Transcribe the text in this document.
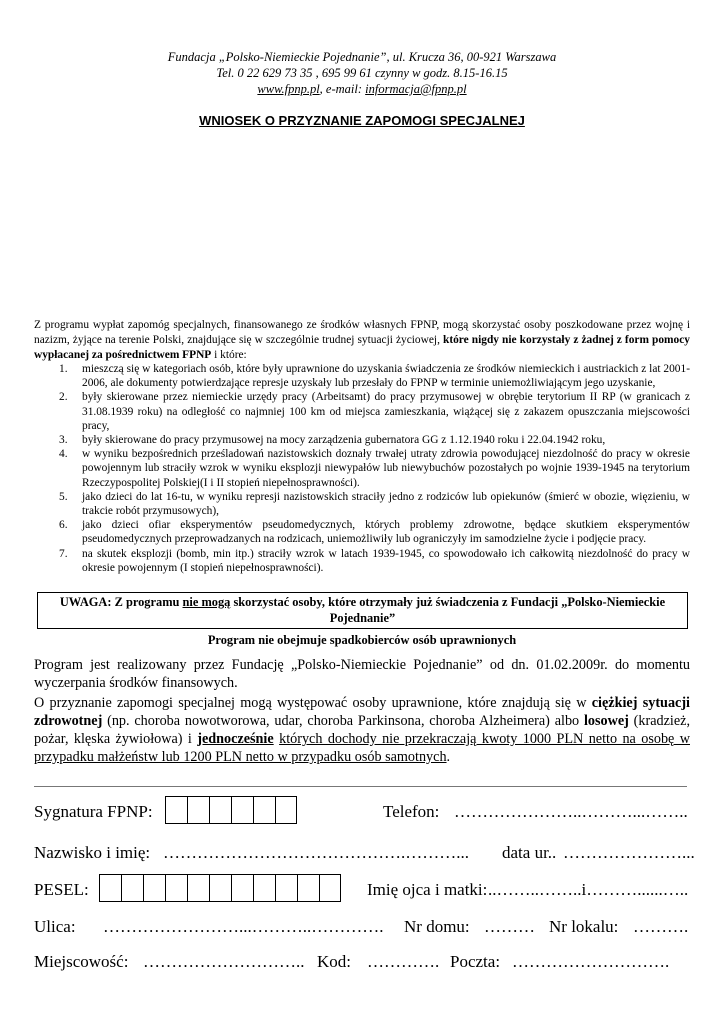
Fundacja „Polsko-Niemieckie Pojednanie”, ul. Krucza 36, 00-921 Warszawa
Tel. 0 22 629 73 35 , 695 99 61 czynny w godz. 8.15-16.15
www.fpnp.pl, e-mail: informacja@fpnp.pl
WNIOSEK O PRZYZNANIE ZAPOMOGI SPECJALNEJ
Z programu wypłat zapomóg specjalnych, finansowanego ze środków własnych FPNP, mogą skorzystać osoby poszkodowane przez wojnę i nazizm, żyjące na terenie Polski, znajdujące się w szczególnie trudnej sytuacji życiowej, które nigdy nie korzystały z żadnej z form pomocy wypłacanej za pośrednictwem FPNP i które:
1. mieszczą się w kategoriach osób, które były uprawnione do uzyskania świadczenia ze środków niemieckich i austriackich z lat 2001-2006, ale dokumenty potwierdzające represje uzyskały lub przesłały do FPNP w terminie uniemożliwiającym jego uzyskanie,
2. były skierowane przez niemieckie urzędy pracy (Arbeitsamt) do pracy przymusowej w obrębie terytorium II RP (w granicach z 31.08.1939 roku) na odległość co najmniej 100 km od miejsca zamieszkania, wiążącej się z zakazem opuszczania miejscowości pracy,
3. były skierowane do pracy przymusowej na mocy zarządzenia gubernatora GG z 1.12.1940 roku i 22.04.1942 roku,
4. w wyniku bezpośrednich prześladowań nazistowskich doznały trwałej utraty zdrowia powodującej niezdolność do pracy w okresie powojennym lub straciły wzrok w wyniku eksplozji niewypałów lub niewybuchów pozostałych po wojnie 1939-1945 na terytorium Rzeczypospolitej Polskiej(I i II stopień niepełnosprawności).
5. jako dzieci do lat 16-tu, w wyniku represji nazistowskich straciły jedno z rodziców lub opiekunów (śmierć w obozie, więzieniu, w trakcie robót przymusowych),
6. jako dzieci ofiar eksperymentów pseudomedycznych, których problemy zdrowotne, będące skutkiem eksperymentów pseudomedycznych przeprowadzanych na rodzicach, uniemożliwiły lub ograniczyły im samodzielne życie i podjęcie pracy.
7. na skutek eksplozji (bomb, min itp.) straciły wzrok w latach 1939-1945, co spowodowało ich całkowitą niezdolność do pracy w okresie powojennym (I stopień niepełnosprawności).
UWAGA: Z programu nie mogą skorzystać osoby, które otrzymały już świadczenia z Fundacji „Polsko-Niemieckie Pojednanie”
Program nie obejmuje spadkobierców osób uprawnionych
Program jest realizowany przez Fundację „Polsko-Niemieckie Pojednanie” od dn. 01.02.2009r. do momentu wyczerpania środków finansowych.
O przyznanie zapomogi specjalnej mogą występować osoby uprawnione, które znajdują się w ciężkiej sytuacji zdrowotnej (np. choroba nowotworowa, udar, choroba Parkinsona, choroba Alzheimera) albo losowej (kradzież, pożar, klęska żywiołowa) i jednocześnie których dochody nie przekraczają kwoty 1000 PLN netto na osobę w przypadku małżeństw lub 1200 PLN netto w przypadku osób samotnych.
Sygnatura FPNP:	Telefon: …………………..………...……..
Nazwisko i imię: …………………………………….………... data ur.. …………………...
PESEL:	Imię ojca i matki: ..……..……..i………......…..
Ulica: ……………………...………..…………. Nr domu: ……… Nr lokalu: ……….
Miejscowość: ……………………….. Kod: …………. Poczta: ……………………….
